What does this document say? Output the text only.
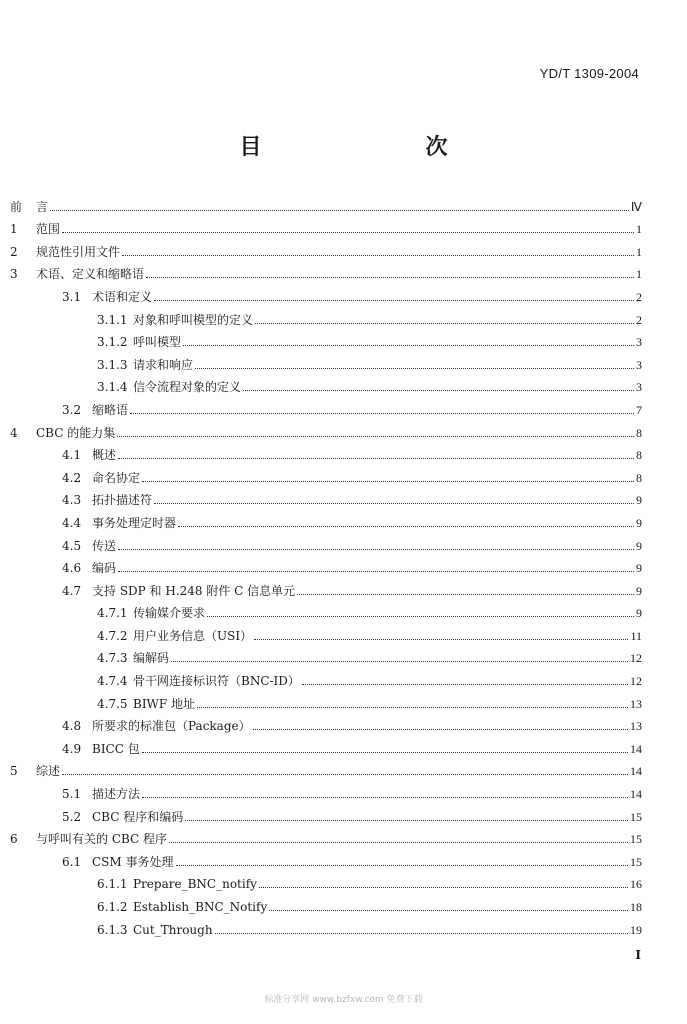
YD/T 1309-2004
目　　次
前	言	Ⅳ
1	范围	1
2	规范性引用文件	1
3	术语、定义和缩略语	1
3.1 术语和定义	2
3.1.1 对象和呼叫模型的定义	2
3.1.2 呼叫模型	3
3.1.3 请求和响应	3
3.1.4 信令流程对象的定义	3
3.2 缩略语	7
4	CBC 的能力集	8
4.1 概述	8
4.2 命名协定	8
4.3 拓扑描述符	9
4.4 事务处理定时器	9
4.5 传送	9
4.6 编码	9
4.7 支持 SDP 和 H.248 附件 C 信息单元	9
4.7.1 传输媒介要求	9
4.7.2 用户业务信息（USI）	11
4.7.3 编解码	12
4.7.4 骨干网连接标识符（BNC-ID）	12
4.7.5 BIWF 地址	13
4.8 所要求的标准包（Package）	13
4.9 BICC 包	14
5	综述	14
5.1 描述方法	14
5.2 CBC 程序和编码	15
6	与呼叫有关的 CBC 程序	15
6.1 CSM 事务处理	15
6.1.1 Prepare_BNC_notify	16
6.1.2 Establish_BNC_Notify	18
6.1.3 Cut_Through	19
I
标准分享网 www.bzfxw.com 免费下载
